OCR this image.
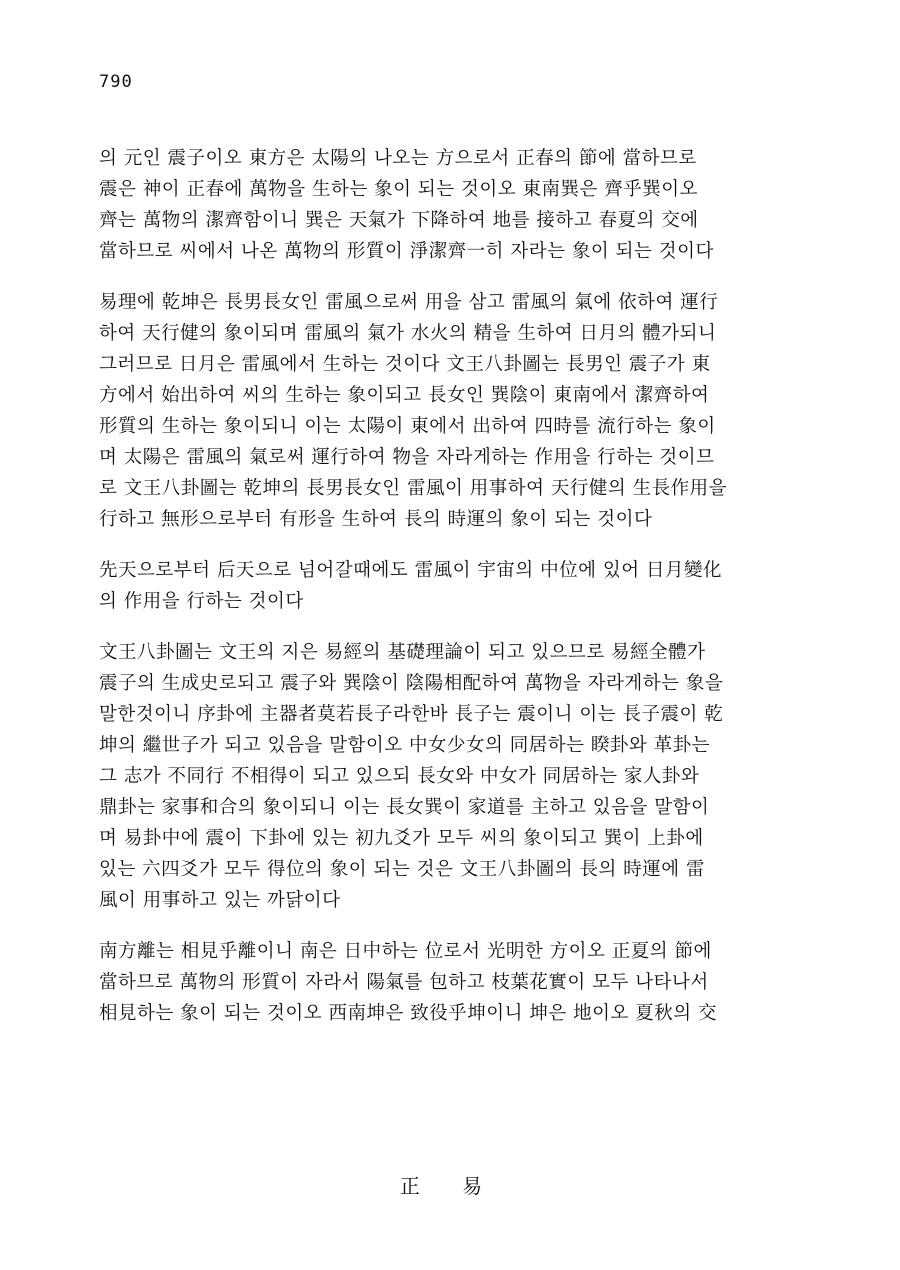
790
의 元인 震子이오 東方은 太陽의 나오는 方으로서 正春의 節에 當하므로
震은 神이 正春에 萬物을 生하는 象이 되는 것이오 東南巽은 齊乎巽이오
齊는 萬物의 潔齊함이니 巽은 天氣가 下降하여 地를 接하고 春夏의 交에
當하므로 씨에서 나온 萬物의 形質이 淨潔齊一히 자라는 象이 되는 것이다
易理에 乾坤은 長男長女인 雷風으로써 用을 삼고 雷風의 氣에 依하여 運行
하여 天行健의 象이되며 雷風의 氣가 水火의 精을 生하여 日月의 體가되니
그러므로 日月은 雷風에서 生하는 것이다 文王八卦圖는 長男인 震子가 東
方에서 始出하여 씨의 生하는 象이되고 長女인 巽陰이 東南에서 潔齊하여
形質의 生하는 象이되니 이는 太陽이 東에서 出하여 四時를 流行하는 象이
며 太陽은 雷風의 氣로써 運行하여 物을 자라게하는 作用을 行하는 것이므
로 文王八卦圖는 乾坤의 長男長女인 雷風이 用事하여 天行健의 生長作用을
行하고 無形으로부터 有形을 生하여 長의 時運의 象이 되는 것이다
先天으로부터 后天으로 넘어갈때에도 雷風이 宇宙의 中位에 있어 日月變化
의 作用을 行하는 것이다
文王八卦圖는 文王의 지은 易經의 基礎理論이 되고 있으므로 易經全體가
震子의 生成史로되고 震子와 巽陰이 陰陽相配하여 萬物을 자라게하는 象을
말한것이니 序卦에 主器者莫若長子라한바 長子는 震이니 이는 長子震이 乾
坤의 繼世子가 되고 있음을 말함이오 中女少女의 同居하는 睽卦와 革卦는
그 志가 不同行 不相得이 되고 있으되 長女와 中女가 同居하는 家人卦와
鼎卦는 家事和合의 象이되니 이는 長女巽이 家道를 主하고 있음을 말함이
며 易卦中에 震이 下卦에 있는 初九爻가 모두 씨의 象이되고 巽이 上卦에
있는 六四爻가 모두 得位의 象이 되는 것은 文王八卦圖의 長의 時運에 雷
風이 用事하고 있는 까닭이다
南方離는 相見乎離이니 南은 日中하는 位로서 光明한 方이오 正夏의 節에
當하므로 萬物의 形質이 자라서 陽氣를 包하고 枝葉花實이 모두 나타나서
相見하는 象이 되는 것이오 西南坤은 致役乎坤이니 坤은 地이오 夏秋의 交
正 易
